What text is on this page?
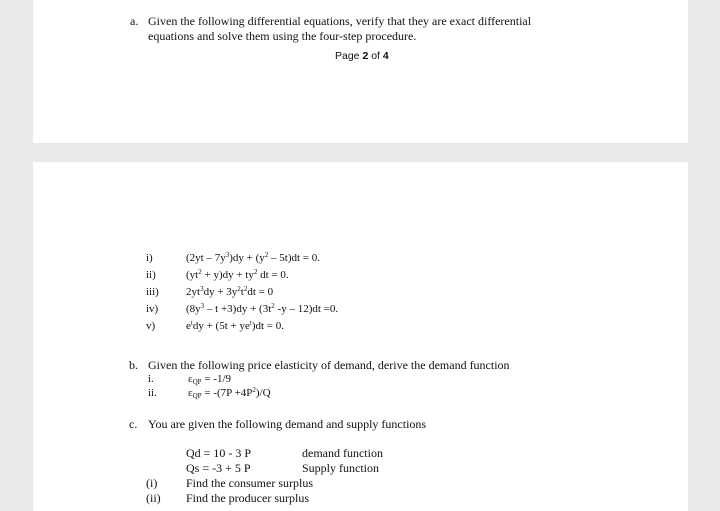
a. Given the following differential equations, verify that they are exact differential
equations and solve them using the four-step procedure.
Page 2 of 4
i)	$(2yt - 7y^3)dy + (y^2 - 5t)dt = 0$.
ii)	$(yt^2 + y)dy + ty^2$ dt = 0.
iii) $2yt^3dy + 3y^2t^2dt = 0$
iv)	$(8y^3 - t +3)dy + (3t^2$ -y – 12)dt =0.
v)	$e^tdy + (5t + ye^t)dt = 0$.
b. Given the following price elasticity of demand, derive the demand function
i.	$\varepsilon_{QP} = -1/9$
ii.	$\varepsilon_{QP} = -(7P +4P^2)/Q$
c. You are given the following demand and supply functions
Qd = 10 - 3 P	demand function
Qs = -3 + 5 P	Supply function
(i) Find the consumer surplus
(ii) Find the producer surplus
